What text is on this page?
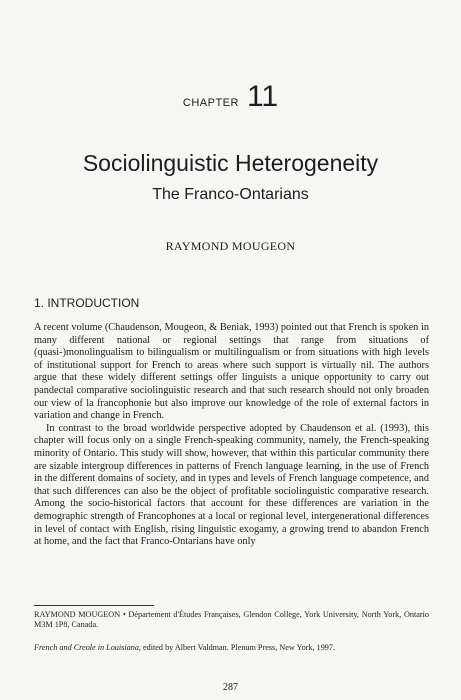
CHAPTER 11
Sociolinguistic Heterogeneity
The Franco-Ontarians
RAYMOND MOUGEON
1. INTRODUCTION

A recent volume (Chaudenson, Mougeon, & Beniak, 1993) pointed out that French is spoken in many different national or regional settings that range from situations of (quasi-)monolingualism to bilingualism or multilingualism or from situations with high levels of institutional support for French to areas where such support is virtually nil. The authors argue that these widely different settings offer linguists a unique opportunity to carry out pandectal comparative sociolinguistic research and that such research should not only broaden our view of la francophonie but also improve our knowledge of the role of external factors in variation and change in French.

In contrast to the broad worldwide perspective adopted by Chaudenson et al. (1993), this chapter will focus only on a single French-speaking community, namely, the French-speaking minority of Ontario. This study will show, however, that within this particular community there are sizable intergroup differences in patterns of French language learning, in the use of French in the different domains of society, and in types and levels of French language competence, and that such differences can also be the object of profitable sociolinguistic comparative research. Among the socio-historical factors that account for these differences are variation in the demographic strength of Francophones at a local or regional level, intergenerational differences in level of contact with English, rising linguistic exogamy, a growing trend to abandon French at home, and the fact that Franco-Ontarians have only

RAYMOND MOUGEON • Département d'Études Françaises, Glendon College, York University, North York, Ontario M3M 1P8, Canada.
French and Creole in Louisiana, edited by Albert Valdman. Plenum Press, New York, 1997.
287
